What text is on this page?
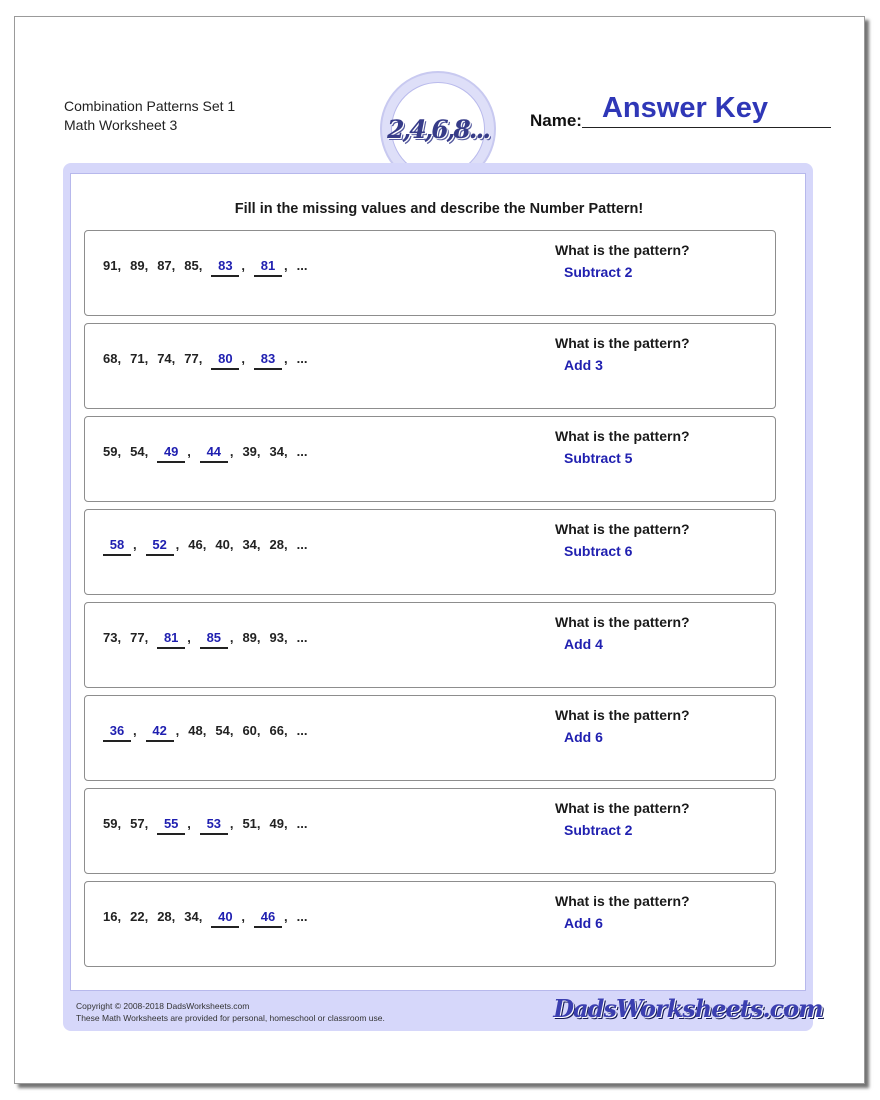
Combination Patterns Set 1
Math Worksheet 3	2,4,6,8... Name: Answer Key
Fill in the missing values and describe the Number Pattern!
91 , 89 , 87 , 85 ,	83 ,	81 , ...
What is the pattern?
Subtract 2
68 , 71 , 74 , 77 ,	80 ,	83 , ...
What is the pattern?
Add 3
59 , 54 ,	49 ,	44 , 39 , 34 , ...
What is the pattern?
Subtract 5
58 ,	52 , 46 , 40 , 34 , 28 , ...
What is the pattern?
Subtract 6
73 , 77 ,	81 ,	85 , 89 , 93 , ...
What is the pattern?
Add 4
36 ,	42 , 48 , 54 , 60 , 66 , ...
What is the pattern?
Add 6
59 , 57 ,	55 ,	53 , 51 , 49 , ...
What is the pattern?
Subtract 2
16 , 22 , 28 , 34 ,	40 ,	46 , ...
What is the pattern?
Add 6
Copyright © 2008-2018 DadsWorksheets.com
These Math Worksheets are provided for personal, homeschool or classroom use.	DadsWorksheets.com
